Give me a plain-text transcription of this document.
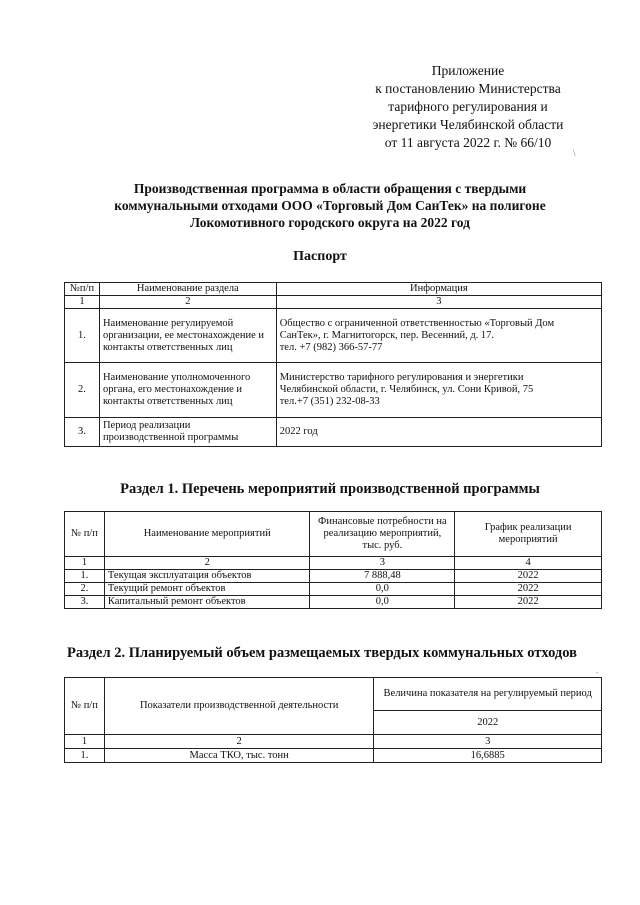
Приложение
к постановлению Министерства
тарифного регулирования и
энергетики Челябинской области
от 11 августа 2022 г. № 66/10
\
Производственная программа в области обращения с твердыми
коммунальными отходами ООО «Торговый Дом СанТек» на полигоне
Локомотивного городского округа на 2022 год
Паспорт
№п/п	Наименование раздела	Информация
1	2	3
1.	Наименование регулируемой организации, ее местонахождение и контакты ответственных лиц	Общество с ограниченной ответственностью «Торговый Дом
СанТек», г. Магнитогорск, пер. Весенний, д. 17.
тел. +7 (982) 366-57-77

2.	Наименование уполномоченного органа, его местонахождение и контакты ответственных лиц	Министерство тарифного регулирования и энергетики
Челябинской области, г. Челябинск, ул. Сони Кривой, 75
тел.+7 (351) 232-08-33

3.	Период реализации производственной программы	2022 год
Раздел 1. Перечень мероприятий производственной программы
№ п/п	Наименование мероприятий	Финансовые потребности на реализацию мероприятий, тыс. руб.	График реализации мероприятий
1	2	3	4
1.	Текущая эксплуатация объектов	7 888,48	2022
2.	Текущий ремонт объектов	0,0	2022
3.	Капитальный ремонт объектов	0,0	2022
Раздел 2. Планируемый объем размещаемых твердых коммунальных отходов
.
№ п/п	Показатели производственной деятельности	Величина показателя на регулируемый период
		2022
1	2	3
1.	Масса ТКО, тыс. тонн	16,6885
